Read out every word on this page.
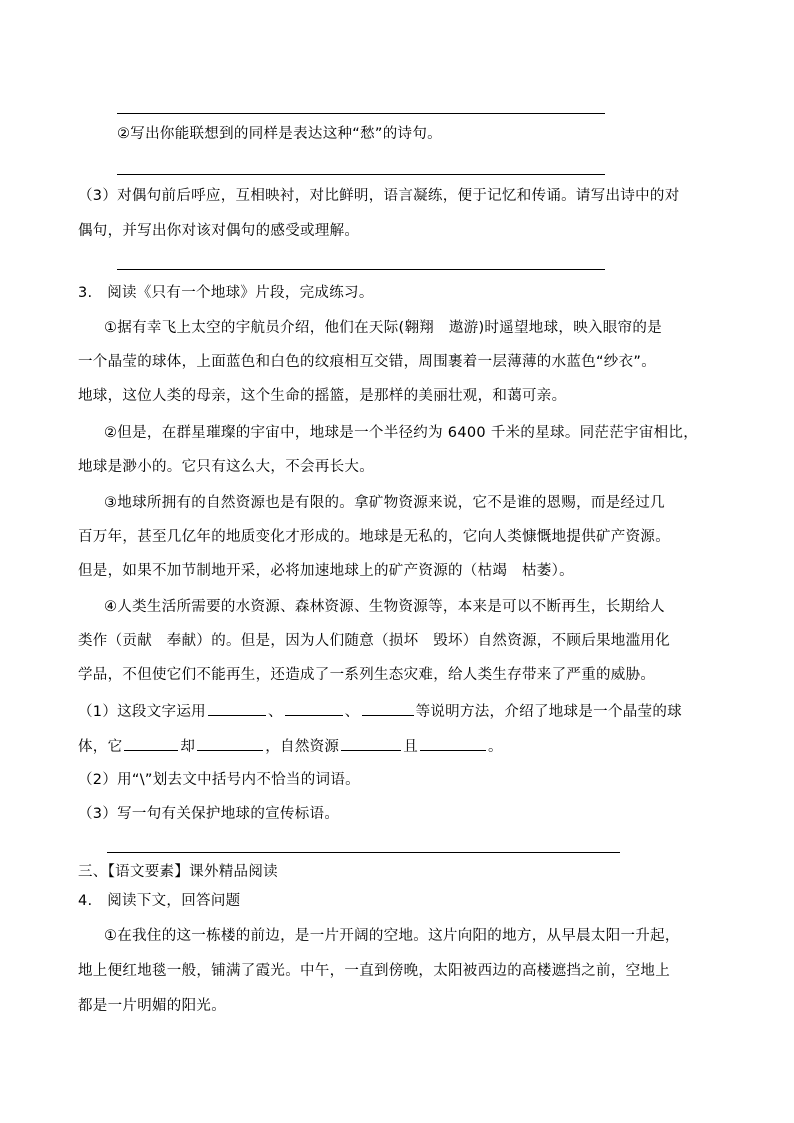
②写出你能联想到的同样是表达这种“愁”的诗句。
（3）对偶句前后呼应，互相映衬，对比鲜明，语言凝练，便于记忆和传诵。请写出诗中的对
偶句，并写出你对该对偶句的感受或理解。
3.　阅读《只有一个地球》片段，完成练习。
①据有幸飞上太空的宇航员介绍，他们在天际(翱翔　遨游)时遥望地球，映入眼帘的是
一个晶莹的球体，上面蓝色和白色的纹痕相互交错，周围裹着一层薄薄的水蓝色“纱衣”。
地球，这位人类的母亲，这个生命的摇篮，是那样的美丽壮观，和蔼可亲。
②但是，在群星璀璨的宇宙中，地球是一个半径约为 6400 千米的星球。同茫茫宇宙相比，
地球是渺小的。它只有这么大，不会再长大。
③地球所拥有的自然资源也是有限的。拿矿物资源来说，它不是谁的恩赐，而是经过几
百万年，甚至几亿年的地质变化才形成的。地球是无私的，它向人类慷慨地提供矿产资源。
但是，如果不加节制地开采，必将加速地球上的矿产资源的（枯竭　枯萎）。
④人类生活所需要的水资源、森林资源、生物资源等，本来是可以不断再生，长期给人
类作（贡献　奉献）的。但是，因为人们随意（损坏　毁坏）自然资源，不顾后果地滥用化
学品，不但使它们不能再生，还造成了一系列生态灾难，给人类生存带来了严重的威胁。
（1）这段文字运用	、	、	等说明方法，介绍了地球是一个晶莹的球
体，它	却	，自然资源	且	。
（2）用“\”划去文中括号内不恰当的词语。
（3）写一句有关保护地球的宣传标语。
三、【语文要素】课外精品阅读
4.　阅读下文，回答问题
①在我住的这一栋楼的前边，是一片开阔的空地。这片向阳的地方，从早晨太阳一升起，
地上便红地毯一般，铺满了霞光。中午，一直到傍晚，太阳被西边的高楼遮挡之前，空地上
都是一片明媚的阳光。
